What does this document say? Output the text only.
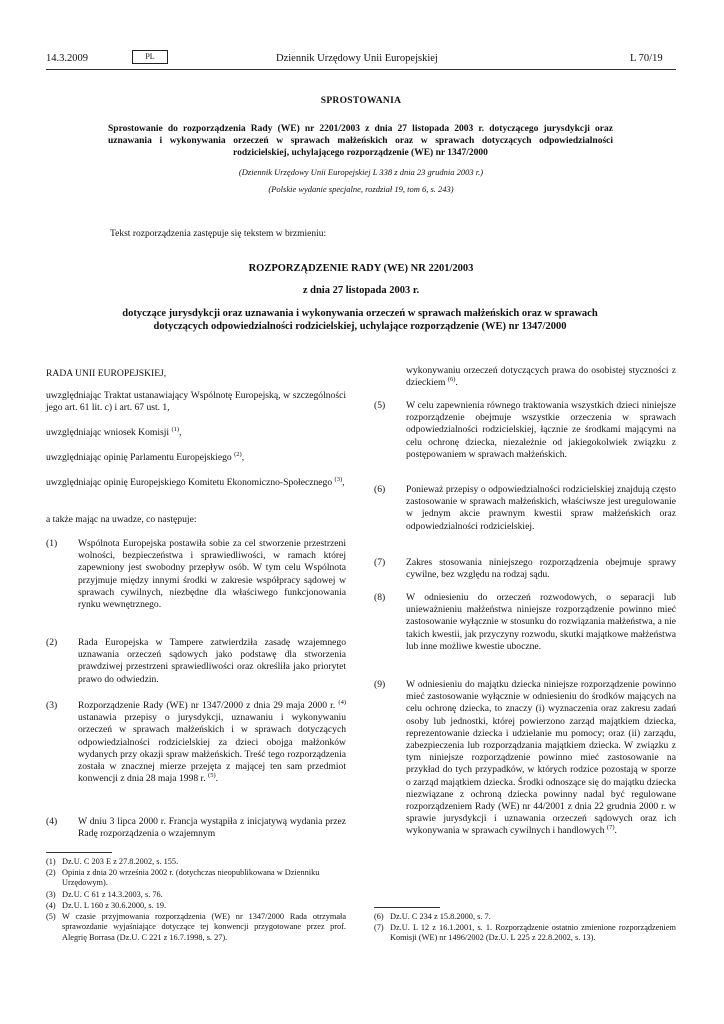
14.3.2009	PL	Dziennik Urzędowy Unii Europejskiej	L 70/19
SPROSTOWANIA
Sprostowanie do rozporządzenia Rady (WE) nr 2201/2003 z dnia 27 listopada 2003 r. dotyczącego jurysdykcji oraz uznawania i wykonywania orzeczeń w sprawach małżeńskich oraz w sprawach dotyczących odpowiedzialności rodzicielskiej, uchylającego rozporządzenie (WE) nr 1347/2000
(Dziennik Urzędowy Unii Europejskiej L 338 z dnia 23 grudnia 2003 r.)
(Polskie wydanie specjalne, rozdział 19, tom 6, s. 243)
Tekst rozporządzenia zastępuje się tekstem w brzmieniu:
ROZPORZĄDZENIE RADY (WE) NR 2201/2003
z dnia 27 listopada 2003 r.
dotyczące jurysdykcji oraz uznawania i wykonywania orzeczeń w sprawach małżeńskich oraz w sprawach dotyczących odpowiedzialności rodzicielskiej, uchylające rozporządzenie (WE) nr 1347/2000
RADA UNII EUROPEJSKIEJ,
uwzględniając Traktat ustanawiający Wspólnotę Europejską, w szczególności jego art. 61 lit. c) i art. 67 ust. 1,
uwzględniając wniosek Komisji $^{(1)}$,
uwzględniając opinię Parlamentu Europejskiego $^{(2)}$,
uwzględniając opinię Europejskiego Komitetu Ekonomiczno-Społecznego $^{(3)}$,
a także mając na uwadze, co następuje:
(1) Wspólnota Europejska postawiła sobie za cel stworzenie przestrzeni wolności, bezpieczeństwa i sprawiedliwości, w ramach której zapewniony jest swobodny przepływ osób. W tym celu Wspólnota przyjmuje między innymi środki w zakresie współpracy sądowej w sprawach cywilnych, niezbędne dla właściwego funkcjonowania rynku wewnętrznego.
(2) Rada Europejska w Tampere zatwierdziła zasadę wzajemnego uznawania orzeczeń sądowych jako podstawę dla stworzenia prawdziwej przestrzeni sprawiedliwości oraz określiła jako priorytet prawo do odwiedzin.
(3) Rozporządzenie Rady (WE) nr 1347/2000 z dnia 29 maja 2000 r. $^{(4)}$ ustanawia przepisy o jurysdykcji, uznawaniu i wykonywaniu orzeczeń w sprawach małżeńskich i w sprawach dotyczących odpowiedzialności rodzicielskiej za dzieci obojga małżonków wydanych przy okazji spraw małżeńskich. Treść tego rozporządzenia została w znacznej mierze przejęta z mającej ten sam przedmiot konwencji z dnia 28 maja 1998 r. $^{(5)}$.
(4) W dniu 3 lipca 2000 r. Francja wystąpiła z inicjatywą wydania przez Radę rozporządzenia o wzajemnym
(1) Dz.U. C 203 E z 27.8.2002, s. 155.
(2) Opinia z dnia 20 września 2002 r. (dotychczas nieopublikowana w Dzienniku Urzędowym).
(3) Dz.U. C 61 z 14.3.2003, s. 76.
(4) Dz.U. L 160 z 30.6.2000, s. 19.
(5) W czasie przyjmowania rozporządzenia (WE) nr 1347/2000 Rada otrzymała sprawozdanie wyjaśniające dotyczące tej konwencji przygotowane przez prof. Alegrię Borrasa (Dz.U. C 221 z 16.7.1998, s. 27).
wykonywaniu orzeczeń dotyczących prawa do osobistej styczności z dzieckiem $^{(6)}$.
(5) W celu zapewnienia równego traktowania wszystkich dzieci niniejsze rozporządzenie obejmuje wszystkie orzeczenia w sprawach odpowiedzialności rodzicielskiej, łącznie ze środkami mającymi na celu ochronę dziecka, niezależnie od jakiegokolwiek związku z postępowaniem w sprawach małżeńskich.
(6) Ponieważ przepisy o odpowiedzialności rodzicielskiej znajdują często zastosowanie w sprawach małżeńskich, właściwsze jest uregulowanie w jednym akcie prawnym kwestii spraw małżeńskich oraz odpowiedzialności rodzicielskiej.
(7) Zakres stosowania niniejszego rozporządzenia obejmuje sprawy cywilne, bez względu na rodzaj sądu.
(8) W odniesieniu do orzeczeń rozwodowych, o separacji lub unieważnieniu małżeństwa niniejsze rozporządzenie powinno mieć zastosowanie wyłącznie w stosunku do rozwiązania małżeństwa, a nie takich kwestii, jak przyczyny rozwodu, skutki majątkowe małżeństwa lub inne możliwe kwestie uboczne.
(9) W odniesieniu do majątku dziecka niniejsze rozporządzenie powinno mieć zastosowanie wyłącznie w odniesieniu do środków mających na celu ochronę dziecka, to znaczy (i) wyznaczenia oraz zakresu zadań osoby lub jednostki, której powierzono zarząd majątkiem dziecka, reprezentowanie dziecka i udzielanie mu pomocy; oraz (ii) zarządu, zabezpieczenia lub rozporządzania majątkiem dziecka. W związku z tym niniejsze rozporządzenie powinno mieć zastosowanie na przykład do tych przypadków, w których rodzice pozostają w sporze o zarząd majątkiem dziecka. Środki odnoszące się do majątku dziecka niezwiązane z ochroną dziecka powinny nadal być regulowane rozporządzeniem Rady (WE) nr 44/2001 z dnia 22 grudnia 2000 r. w sprawie jurysdykcji i uznawania orzeczeń sądowych oraz ich wykonywania w sprawach cywilnych i handlowych $^{(7)}$.
(6) Dz.U. C 234 z 15.8.2000, s. 7.
(7) Dz.U. L 12 z 16.1.2001, s. 1. Rozporządzenie ostatnio zmienione rozporządzeniem Komisji (WE) nr 1496/2002 (Dz.U. L 225 z 22.8.2002, s. 13).
